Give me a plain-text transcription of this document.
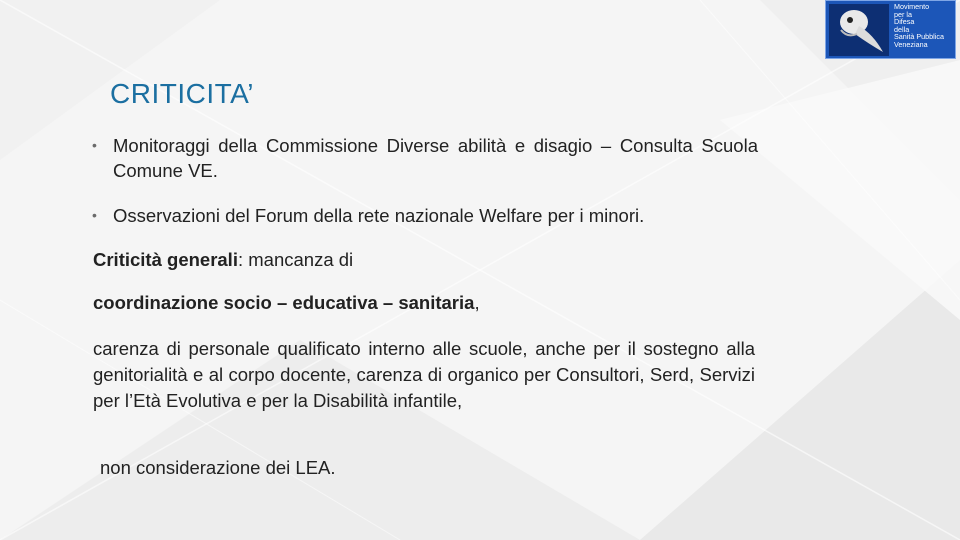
Movimento
per la
Difesa
della
Sanità Pubblica
Veneziana
CRITICITA’
• Monitoraggi della Commissione Diverse abilità e disagio – Consulta Scuola Comune VE.
• Osservazioni del Forum della rete nazionale Welfare per i minori.
Criticità generali: mancanza di
coordinazione socio – educativa – sanitaria,
carenza di personale qualificato interno alle scuole, anche per il sostegno alla genitorialità e al corpo docente, carenza di organico per Consultori, Serd, Servizi per l’Età Evolutiva e per la Disabilità infantile,
non considerazione dei LEA.
